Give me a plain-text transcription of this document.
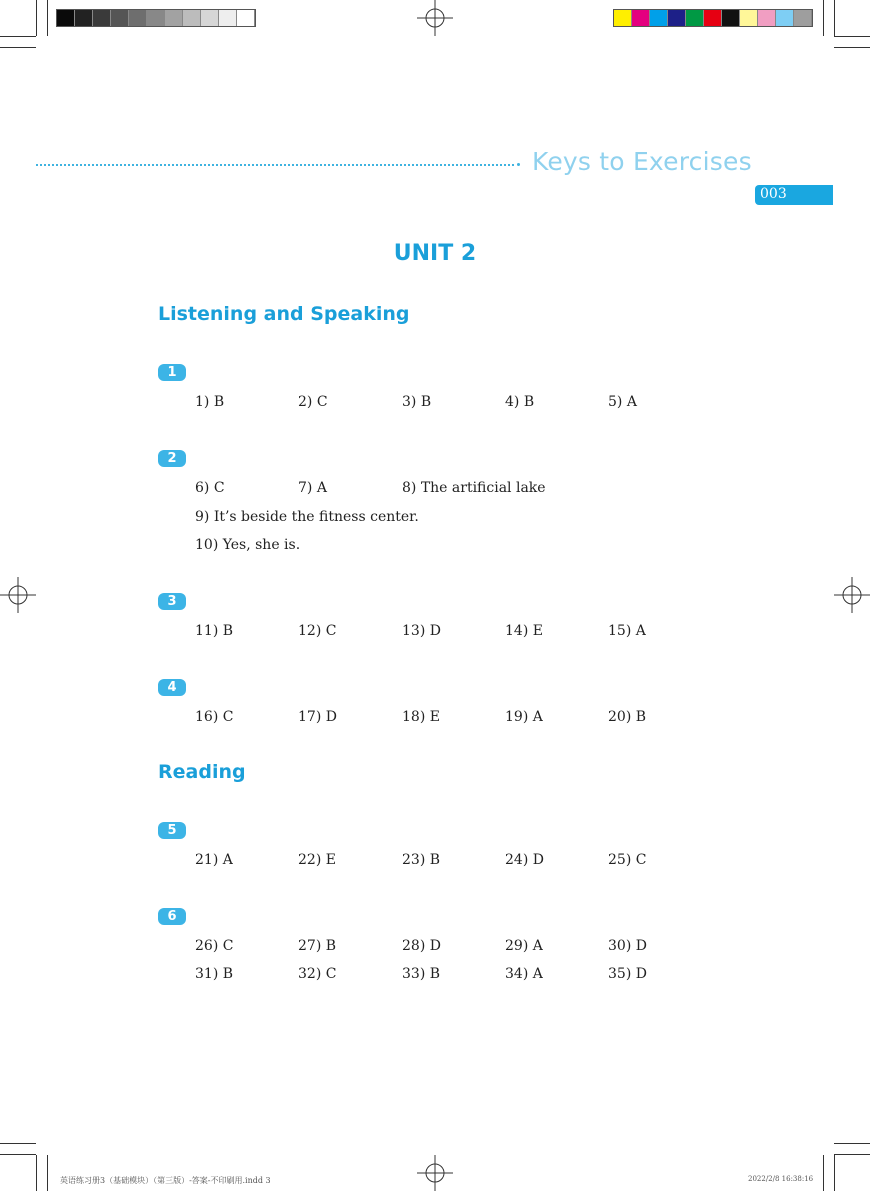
Keys to Exercises
003
UNIT 2
Listening and Speaking
1
1) B	2) C	3) B	4) B	5) A
2
6) C	7) A	8) The artificial lake
9) It’s beside the fitness center.
10) Yes, she is.
3
11) B	12) C	13) D	14) E	15) A
4
16) C	17) D	18) E	19) A	20) B
Reading
5
21) A	22) E	23) B	24) D	25) C
6
26) C	27) B	28) D	29) A	30) D
31) B	32) C	33) B	34) A	35) D
英语练习册3（基础模块）（第三版）-答案-不印刷用.indd 3	2022/2/8 16:38:16
